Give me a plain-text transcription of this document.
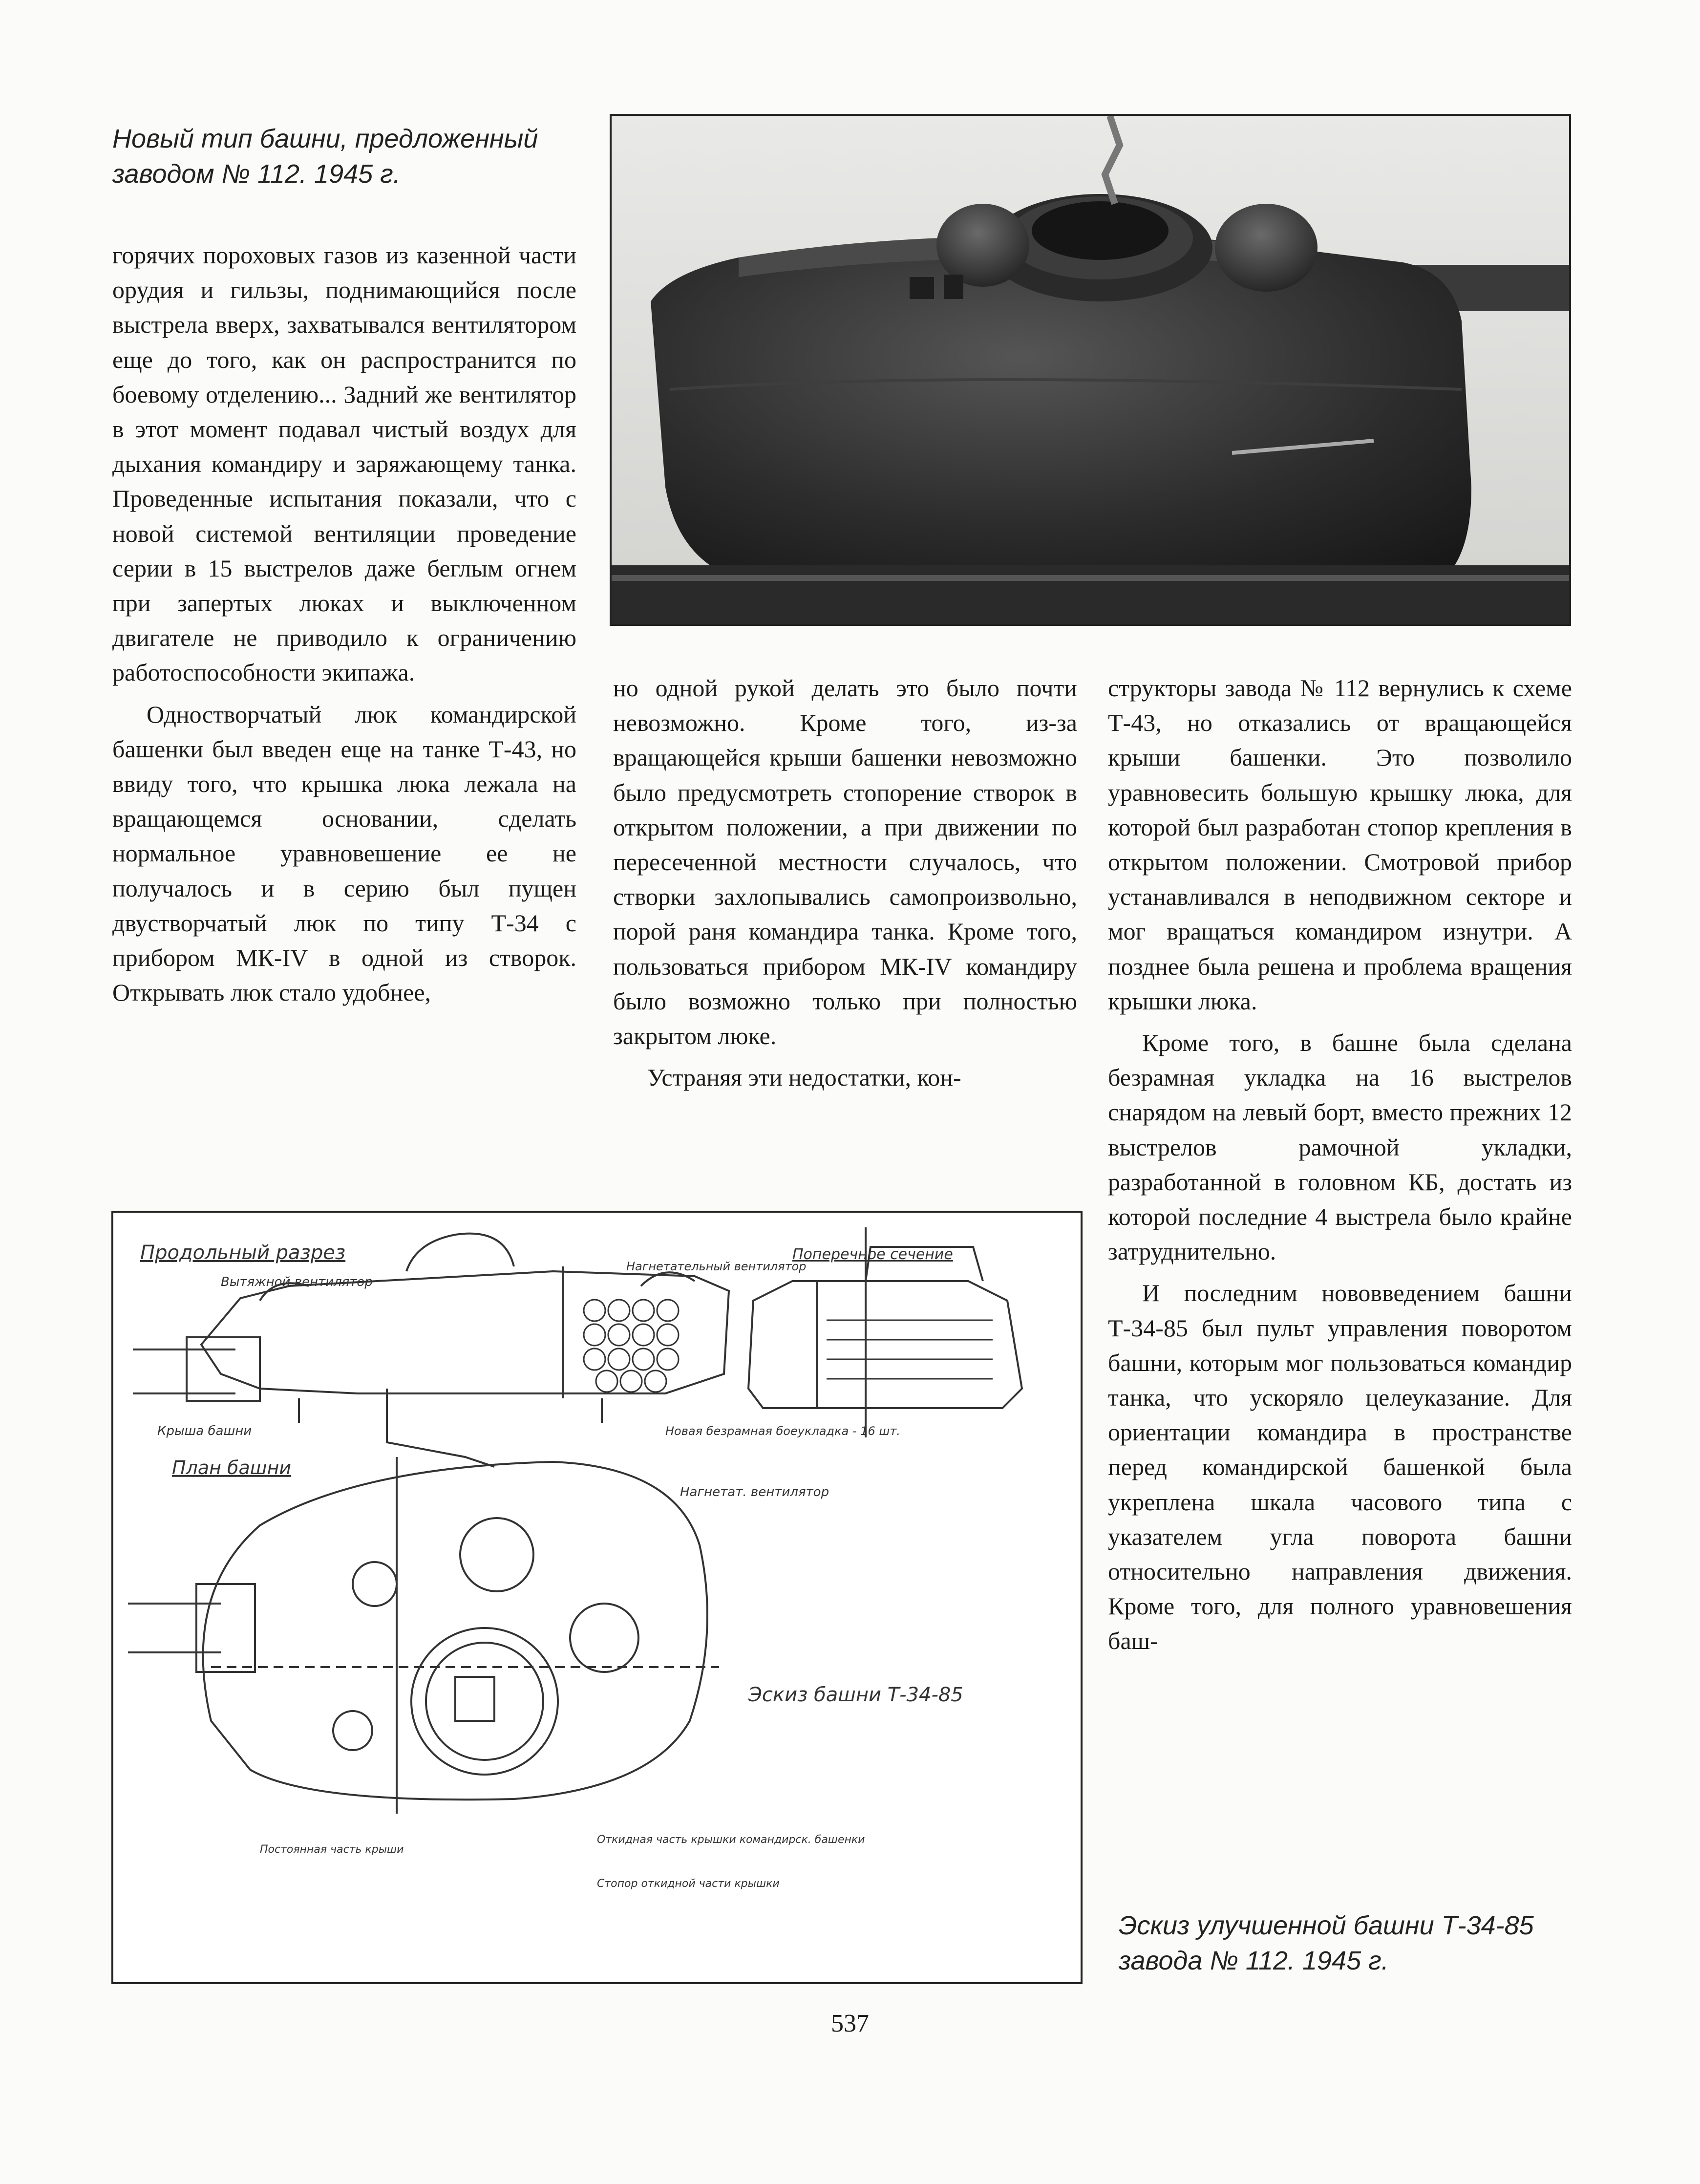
Новый тип башни, предложенный заводом № 112. 1945 г.

горячих пороховых газов из казенной части орудия и гильзы, поднимающийся после выстрела вверх, захватывался вентилятором еще до того, как он распространится по боевому отделению... Задний же вентилятор в этот момент подавал чистый воздух для дыхания командиру и заряжающему танка. Проведенные испытания показали, что с новой системой вентиляции проведение серии в 15 выстрелов даже беглым огнем при запертых люках и выключенном двигателе не приводило к ограничению работоспособности экипажа.

Одностворчатый люк командирской башенки был введен еще на танке Т-43, но ввиду того, что крышка люка лежала на вращающемся основании, сделать нормальное уравновешение ее не получалось и в серию был пущен двустворчатый люк по типу Т-34 с прибором МК-IV в одной из створок. Открывать люк стало удобнее,

но одной рукой делать это было почти невозможно. Кроме того, из-за вращающейся крыши башенки невозможно было предусмотреть стопорение створок в открытом положении, а при движении по пересеченной местности случалось, что створки захлопывались самопроизвольно, порой раня командира танка. Кроме того, пользоваться прибором МК-IV командиру было возможно только при полностью закрытом люке.

Устраняя эти недостатки, кон-

структоры завода № 112 вернулись к схеме Т-43, но отказались от вращающейся крыши башенки. Это позволило уравновесить большую крышку люка, для которой был разработан стопор крепления в открытом положении. Смотровой прибор устанавливался в неподвижном секторе и мог вращаться командиром изнутри. А позднее была решена и проблема вращения крышки люка.

Кроме того, в башне была сделана безрамная укладка на 16 выстрелов снарядом на левый борт, вместо прежних 12 выстрелов рамочной укладки, разработанной в головном КБ, достать из которой последние 4 выстрела было крайне затруднительно.

И последним нововведением башни Т-34-85 был пульт управления поворотом башни, которым мог пользоваться командир танка, что ускоряло целеуказание. Для ориентации командира в пространстве перед командирской башенкой была укреплена шкала часового типа с указателем угла поворота башни относительно направления движения. Кроме того, для полного уравновешения баш-

Продольный разрез
Вытяжной вентилятор
Поперечное сечение
Нагнетательный вентилятор
Крыша башни	Новая безрамная боеукладка - 16 шт.
План башни
Нагнетат. вентилятор
Эскиз башни Т-34-85
Постоянная часть крыши
Откидная часть крышки командирск. башенки
Стопор откидной части крышки
Эскиз улучшенной башни Т-34-85 завода № 112. 1945 г.
537
